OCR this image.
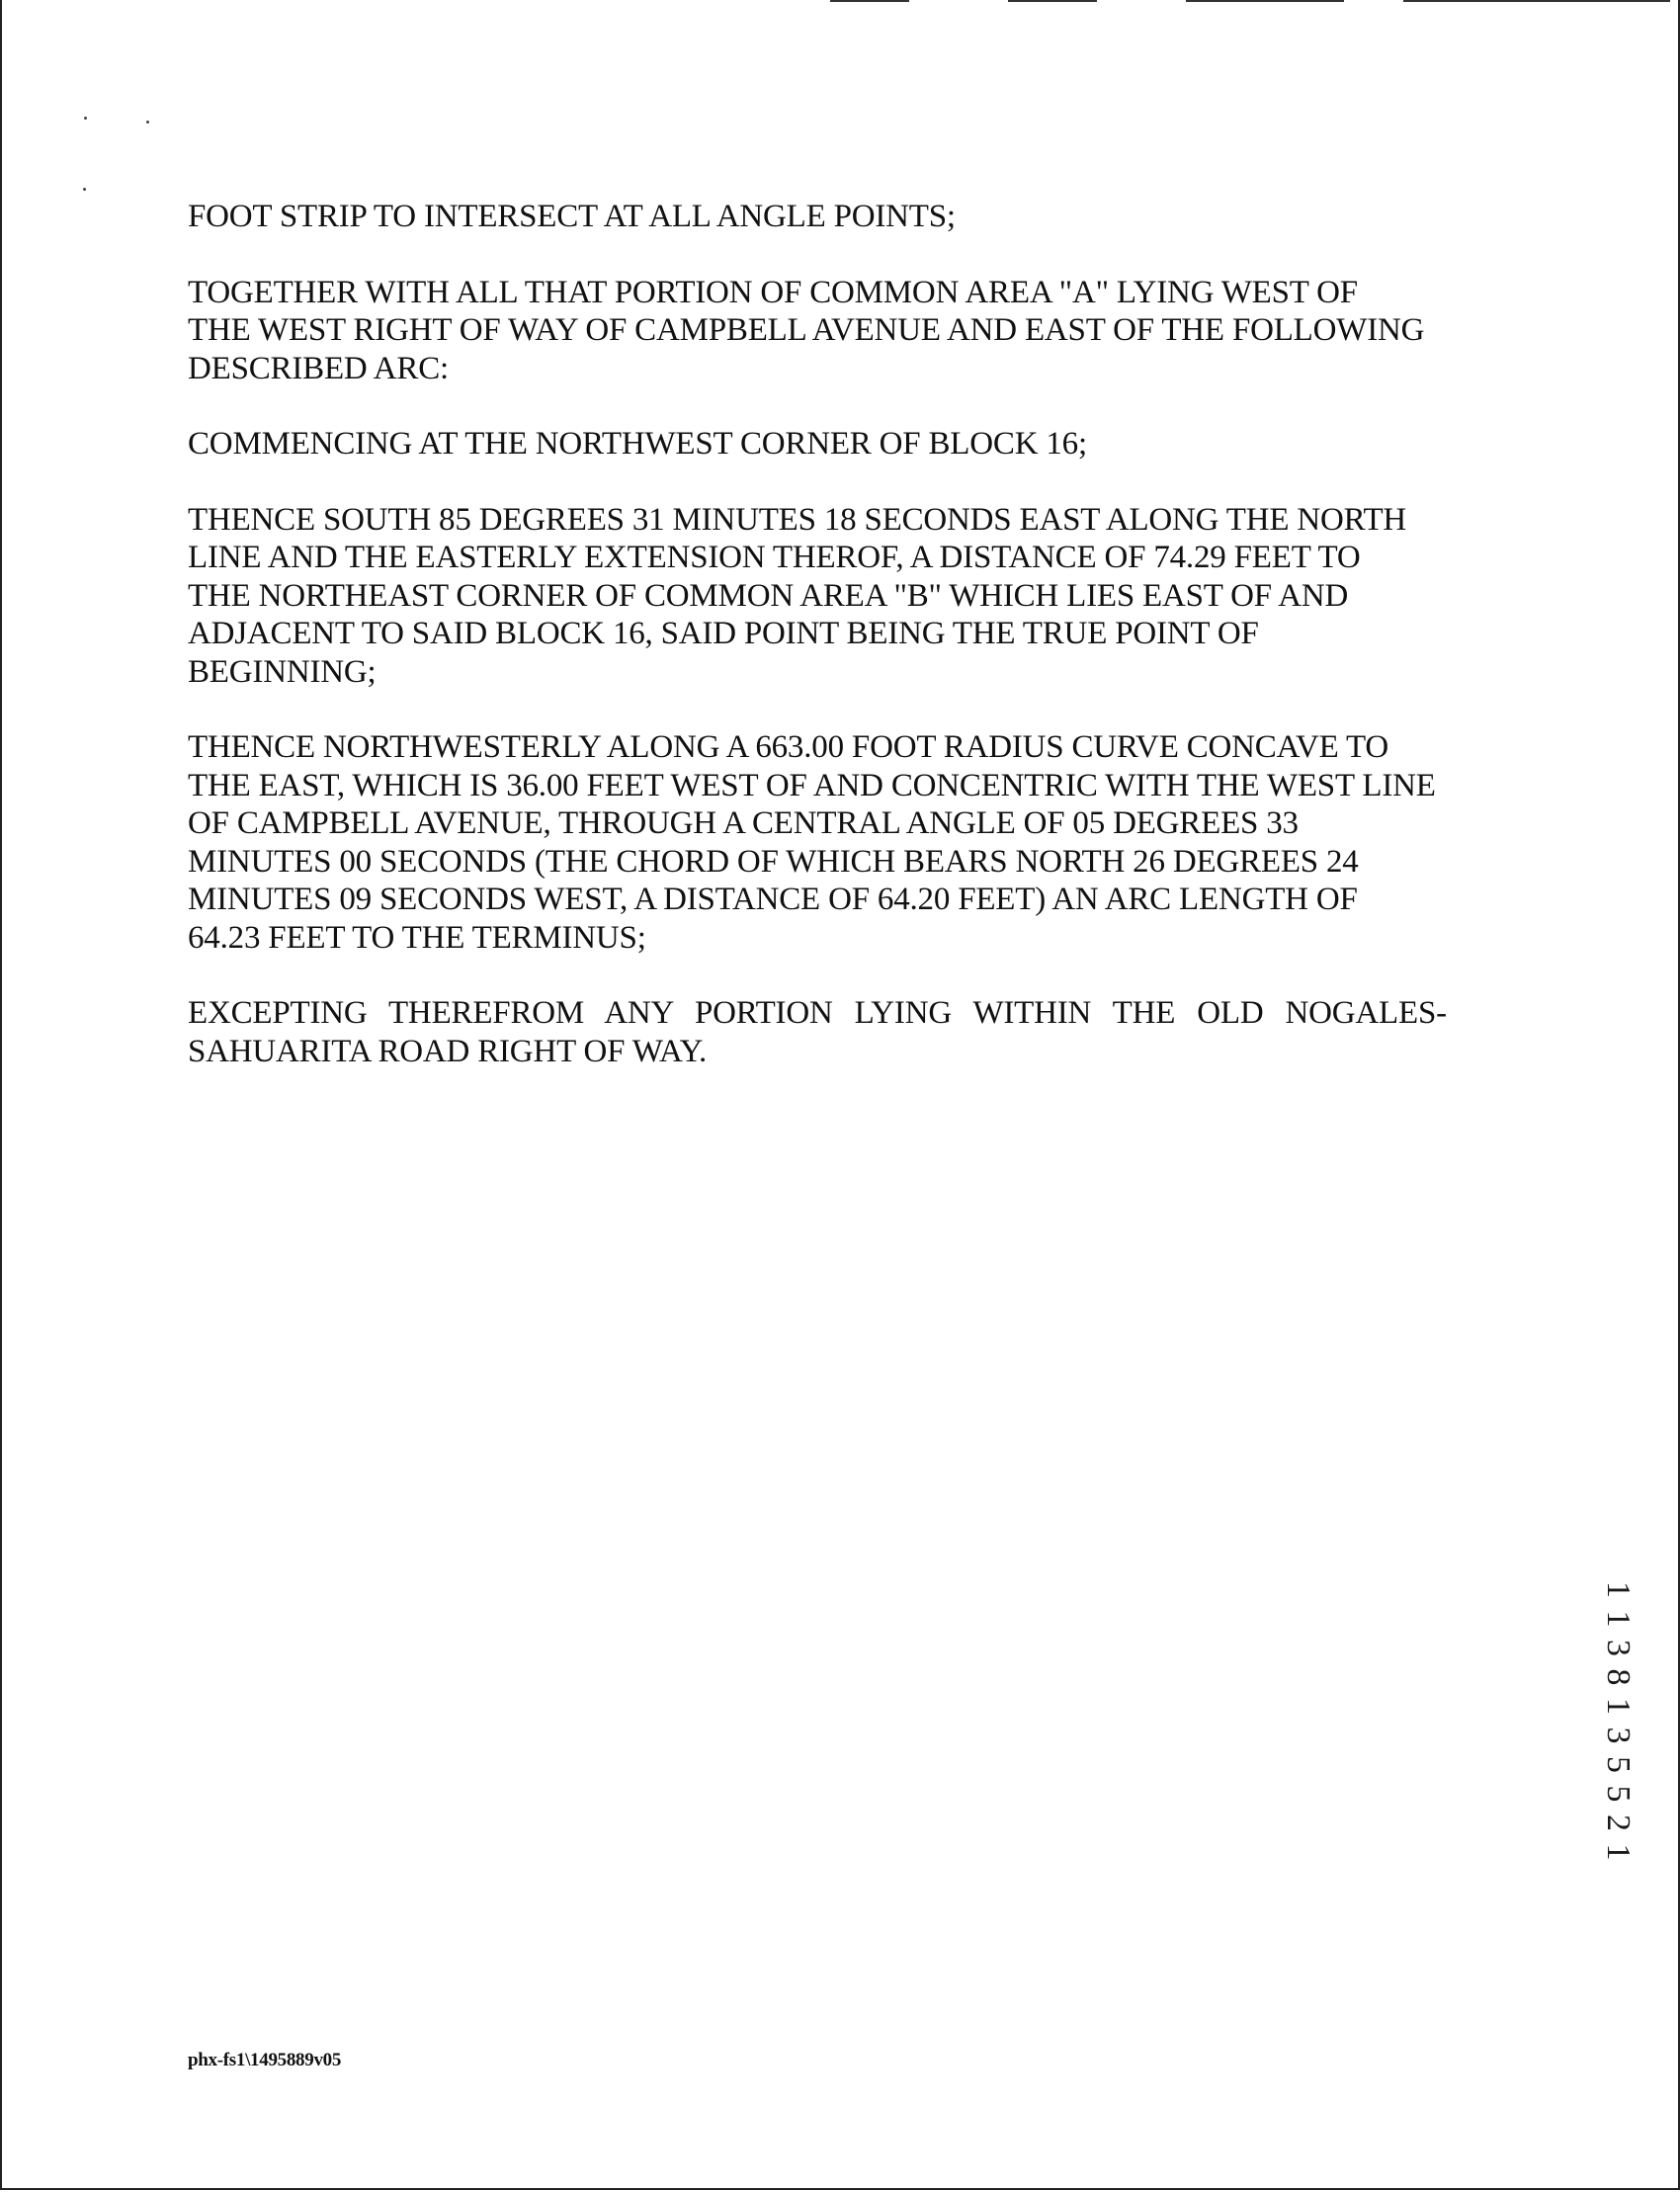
FOOT STRIP TO INTERSECT AT ALL ANGLE POINTS;

TOGETHER WITH ALL THAT PORTION OF COMMON AREA "A" LYING WEST OF
THE WEST RIGHT OF WAY OF CAMPBELL AVENUE AND EAST OF THE FOLLOWING
DESCRIBED ARC:

COMMENCING AT THE NORTHWEST CORNER OF BLOCK 16;

THENCE SOUTH 85 DEGREES 31 MINUTES 18 SECONDS EAST ALONG THE NORTH
LINE AND THE EASTERLY EXTENSION THEROF, A DISTANCE OF 74.29 FEET TO
THE NORTHEAST CORNER OF COMMON AREA "B" WHICH LIES EAST OF AND
ADJACENT TO SAID BLOCK 16, SAID POINT BEING THE TRUE POINT OF
BEGINNING;

THENCE NORTHWESTERLY ALONG A 663.00 FOOT RADIUS CURVE CONCAVE TO
THE EAST, WHICH IS 36.00 FEET WEST OF AND CONCENTRIC WITH THE WEST LINE
OF CAMPBELL AVENUE, THROUGH A CENTRAL ANGLE OF 05 DEGREES 33
MINUTES 00 SECONDS (THE CHORD OF WHICH BEARS NORTH 26 DEGREES 24
MINUTES 09 SECONDS WEST, A DISTANCE OF 64.20 FEET) AN ARC LENGTH OF
64.23 FEET TO THE TERMINUS;

EXCEPTING THEREFROM ANY PORTION LYING WITHIN THE OLD NOGALES-
SAHUARITA ROAD RIGHT OF WAY.

1 1 3 8 1 3 5 5 2 1
phx-fs1\1495889v05
